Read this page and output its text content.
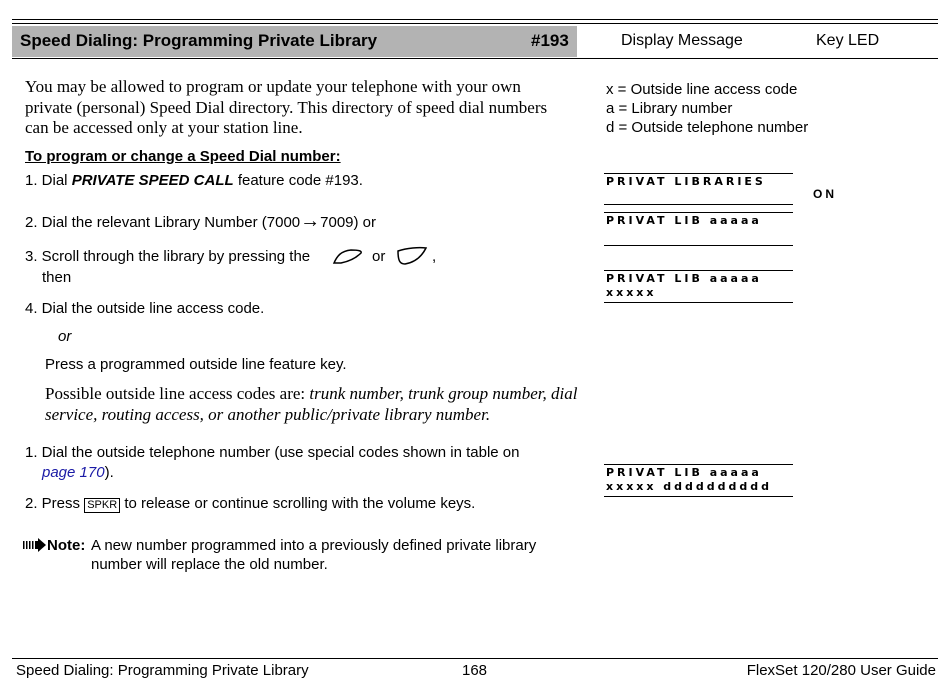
Speed Dialing: Programming Private Library	#193	Display Message	Key LED
You may be allowed to program or update your telephone with your own private (personal) Speed Dial directory. This directory of speed dial numbers can be accessed only at your station line.
x = Outside line access code
a = Library number
d = Outside telephone number
To program or change a Speed Dial number:
1. Dial PRIVATE SPEED CALL feature code #193.
2. Dial the relevant Library Number (7000→7009) or
3. Scroll through the library by pressing the	or	,
then
4. Dial the outside line access code.
or
Press a programmed outside line feature key.
Possible outside line access codes are: trunk number, trunk group number, dial service, routing access, or another public/private library number.
1. Dial the outside telephone number (use special codes shown in table on
page 170).
2. Press SPKR to release or continue scrolling with the volume keys.
Note: A new number programmed into a previously defined private library
number will replace the old number.
PRIVAT LIBRARIES
ON
PRIVAT LIB aaaaa
PRIVAT LIB aaaaa
xxxxx
PRIVAT LIB aaaaa
xxxxx dddddddddd
Speed Dialing: Programming Private Library	168	FlexSet 120/280 User Guide
